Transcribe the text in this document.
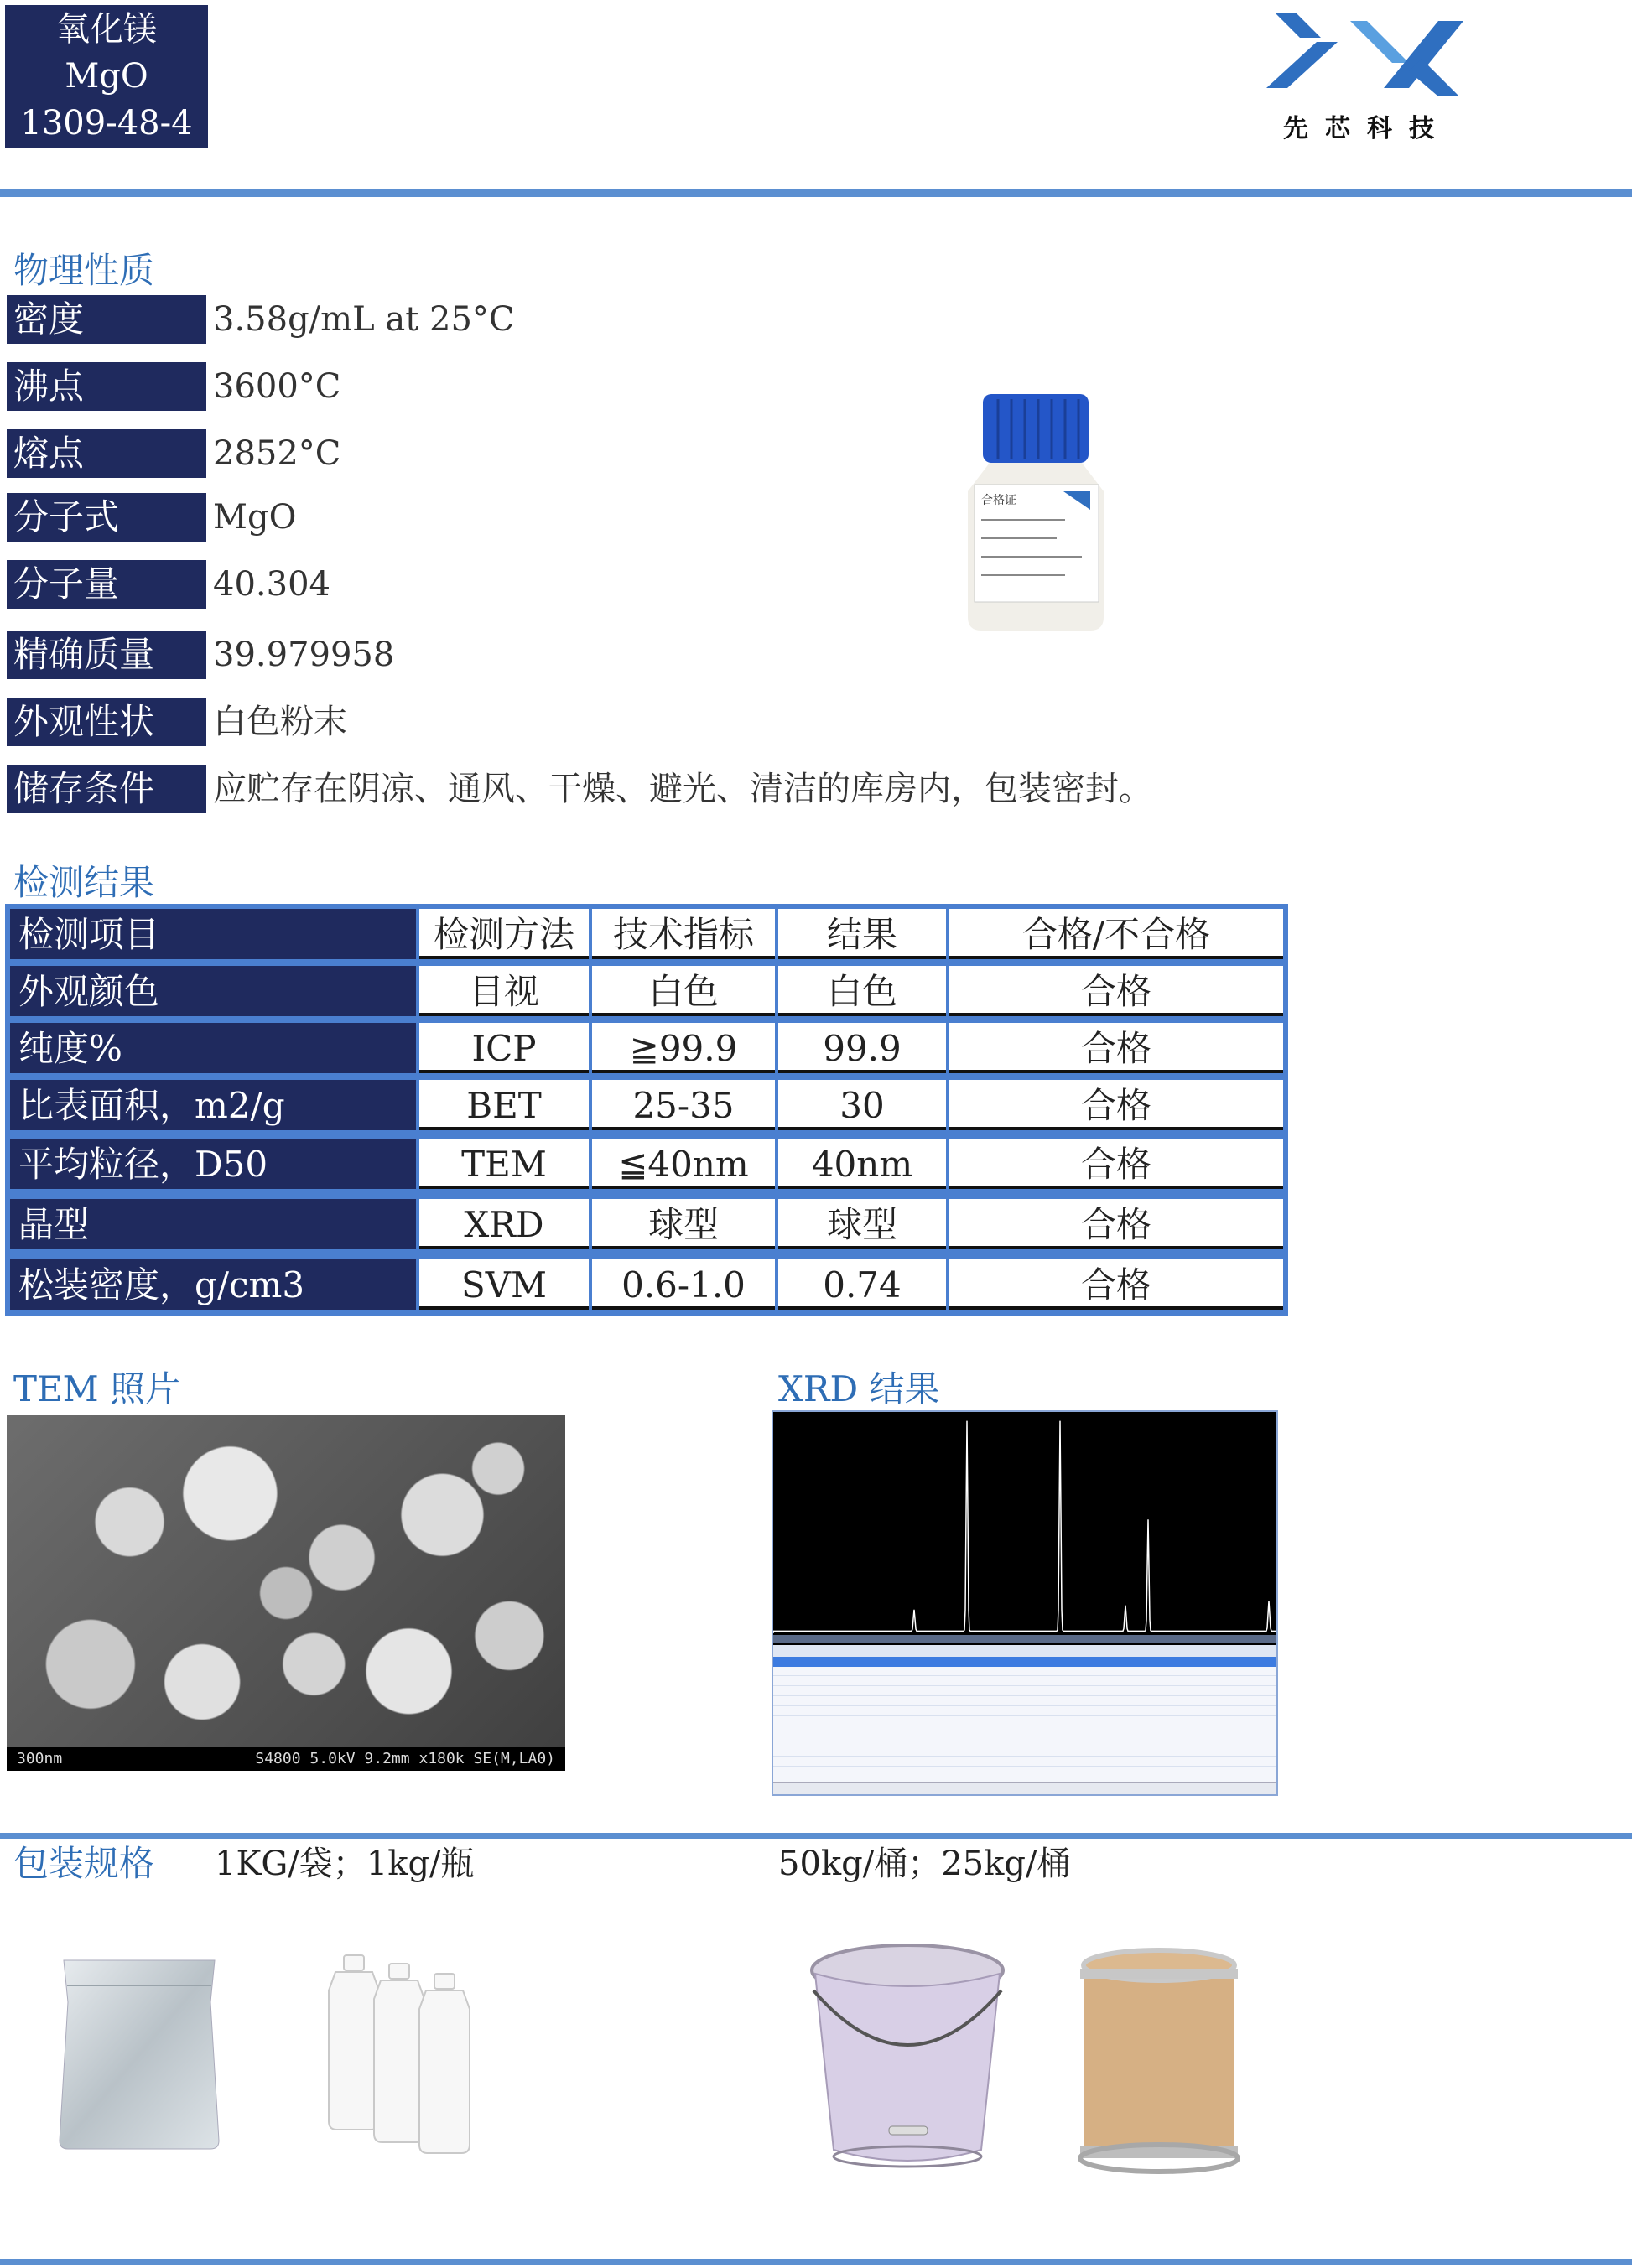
氧化镁
MgO
1309-48-4	先芯科技
物理性质
密度	3.58g/mL at 25°C
沸点	3600°C
熔点	2852°C
分子式	MgO
分子量	40.304
精确质量	39.979958
外观性状	白色粉末
储存条件	应贮存在阴凉、通风、干燥、避光、清洁的库房内，包装密封。
合格证
检测结果
检测项目	检测方法	技术指标	结果	合格/不合格
外观颜色	目视	白色	白色	合格
纯度%	ICP	≧99.9	99.9	合格
比表面积，m2/g	BET	25-35	30	合格
平均粒径，D50	TEM	≦40nm	40nm	合格
晶型	XRD	球型	球型	合格
松装密度，g/cm3	SVM	0.6-1.0	0.74	合格
TEM 照片
300nm	S4800 5.0kV 9.2mm x180k SE(M,LA0)
XRD 结果
包装规格 1KG/袋；1kg/瓶	50kg/桶；25kg/桶
